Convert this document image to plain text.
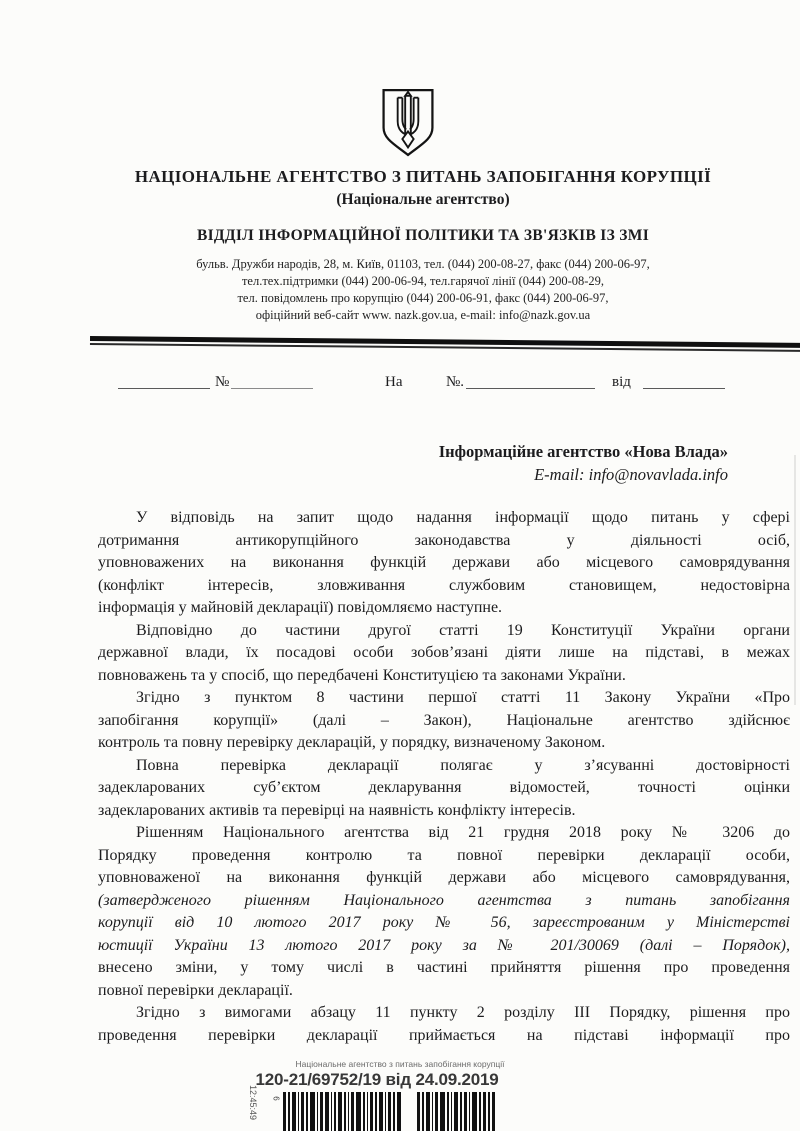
НАЦІОНАЛЬНЕ АГЕНТСТВО З ПИТАНЬ ЗАПОБІГАННЯ КОРУПЦІЇ
(Національне агентство)
ВІДДІЛ ІНФОРМАЦІЙНОЇ ПОЛІТИКИ ТА ЗВ'ЯЗКІВ ІЗ ЗМІ
бульв. Дружби народів, 28, м. Київ, 01103, тел. (044) 200-08-27, факс (044) 200-06-97,
тел.тех.підтримки (044) 200-06-94, тел.гарячої лінії (044) 200-08-29,
тел. повідомлень про корупцію (044) 200-06-91, факс (044) 200-06-97,
офіційний веб-сайт www. nazk.gov.ua, e-mail: info@nazk.gov.ua
№	На	№.	від
Інформаційне агентство «Нова Влада»
E-mail: info@novavlada.info
У відповідь на запит щодо надання інформації щодо питань у сфері
дотримання антикорупційного законодавства у діяльності осіб,
уповноважених на виконання функцій держави або місцевого самоврядування
(конфлікт інтересів, зловживання службовим становищем, недостовірна
інформація у майновій декларації) повідомляємо наступне.
Відповідно до частини другої статті 19 Конституції України органи
державної влади, їх посадові особи зобов’язані діяти лише на підставі, в межах
повноважень та у спосіб, що передбачені Конституцією та законами України.
Згідно з пунктом 8 частини першої статті 11 Закону України «Про
запобігання корупції» (далі – Закон), Національне агентство здійснює
контроль та повну перевірку декларацій, у порядку, визначеному Законом.
Повна перевірка декларації полягає у з’ясуванні достовірності
задекларованих суб’єктом декларування відомостей, точності оцінки
задекларованих активів та перевірці на наявність конфлікту інтересів.
Рішенням Національного агентства від 21 грудня 2018 року № 3206 до
Порядку проведення контролю та повної перевірки декларації особи,
уповноваженої на виконання функцій держави або місцевого самоврядування,
(затвердженого рішенням Національного агентства з питань запобігання
корупції від 10 лютого 2017 року № 56, зареєстрованим у Міністерстві
юстиції України 13 лютого 2017 року за № 201/30069 (далі – Порядок),
внесено зміни, у тому числі в частині прийняття рішення про проведення
повної перевірки декларації.
Згідно з вимогами абзацу 11 пункту 2 розділу ІІІ Порядку, рішення про
проведення перевірки декларації приймається на підставі інформації про
Національне агентство з питань запобігання корупції
120-21/69752/19 від 24.09.2019
12:45:49 6
